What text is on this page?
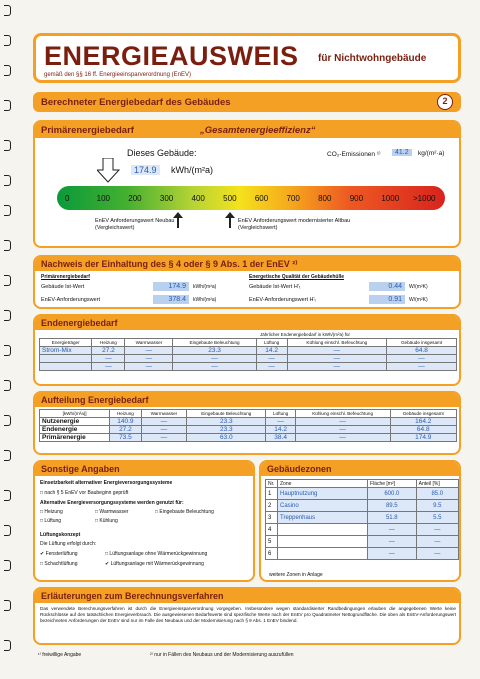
ENERGIEAUSWEIS für Nichtwohngebäude
gemäß den §§ 16 ff. Energieeinsparverordnung (EnEV)
Berechneter Energiebedarf des Gebäudes	2
Primärenergiebedarf	„Gesamtenergieeffizienz“
Dieses Gebäude:
174.9	kWh/(m²a)
CO₂-Emissionen ¹⁾	41.2	kg/(m²·a)
0	100 200 300 400 500 600 700 800 900 1000 >1000
EnEV Anforderungswert Neubau (Vergleichswert)
EnEV Anforderungswert modernisierter Altbau (Vergleichswert)
Nachweis der Einhaltung des § 4 oder § 9 Abs. 1 der EnEV ²⁾
Primärenergiebedarf
Gebäude Ist-Wert	174.9	kWh/(m²a)
EnEV-Anforderungswert	378.4	kWh/(m²a)
Energetische Qualität der Gebäudehülle
Gebäude Ist-Wert H'ₜ	0.44	W/(m²K)
EnEV-Anforderungswert H'ₜ	0.91	W/(m²K)
Endenergiebedarf
Jährlicher Endenergiebedarf in kWh/(m²a) für
Energieträger	Heizung	Warmwasser	Eingebaute Beleuchtung	Lüftung	Kühlung einschl. Befeuchtung	Gebäude insgesamt
Strom-Mix	27.2	—	23.3	14.2	—	64.8
	—	—	—	—	—	—
	—	—	—	—	—	—
Aufteilung Energiebedarf
[kWh/(m²a)]	Heizung	Warmwasser	Eingebaute Beleuchtung	Lüftung	Kühlung einschl. Befeuchtung	Gebäude insgesamt
Nutzenergie	140.9	—	23.3	—	—	164.2
Endenergie	27.2	—	23.3	14.2	—	64.8
Primärenergie	73.5	—	63.0	38.4	—	174.9
Sonstige Angaben
Einsetzbarkeit alternativer Energieversorgungssysteme
□ nach § 5 EnEV vor Baubeginn geprüft
Alternative Energieversorgungssysteme werden genutzt für:
□ Heizung	□ Warmwasser	□ Eingebaute Beleuchtung
□ Lüftung	□ Kühlung
Lüftungskonzept
Die Lüftung erfolgt durch:
✔ Fensterlüftung	□ Lüftungsanlage ohne Wärmerückgewinnung
□ Schachtlüftung	✔ Lüftungsanlage mit Wärmerückgewinnung
Gebäudezonen
Nr.	Zone	Fläche [m²]	Anteil [%]
1	Hauptnutzung	600.0	85.0
2	Casino	89.5	9.5
3	Treppenhaus	51.8	5.5
4		—	—
5		—	—
6		—	—
weitere Zonen in Anlage
Erläuterungen zum Berechnungsverfahren
Das verwendete Berechnungsverfahren ist durch die Energieeinsparverordnung vorgegeben. Insbesondere wegen standardisierter Randbedingungen erlauben die angegebenen Werte keine Rückschlüsse auf den tatsächlichen Energieverbrauch. Die ausgewiesenen Bedarfswerte sind spezifische Werte nach der EnEV pro Quadratmeter Nettogrundfläche. Die oben als EnEV-Anforderungswert bezeichneten Anforderungen der EnEV sind nur im Falle des Neubaus und der Modernisierung nach § 9 Abs. 1 EnEV bindend.
¹⁾ freiwillige Angabe	²⁾ nur in Fällen des Neubaus und der Modernisierung auszufüllen
